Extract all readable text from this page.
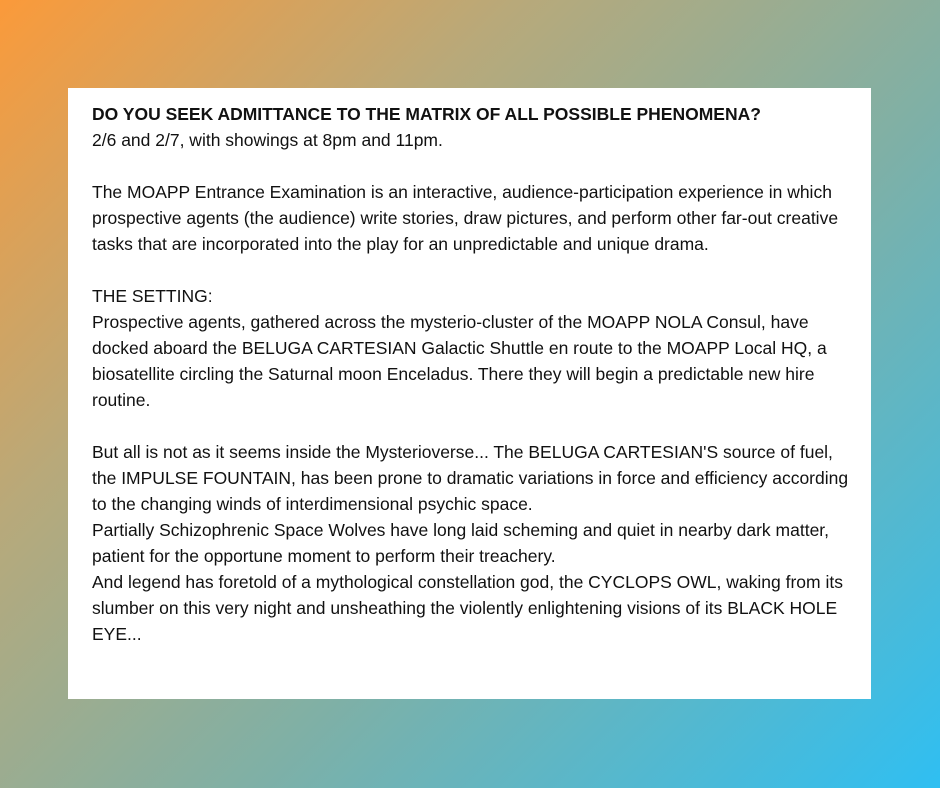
DO YOU SEEK ADMITTANCE TO THE MATRIX OF ALL POSSIBLE PHENOMENA?

2/6 and 2/7, with showings at 8pm and 11pm.

The MOAPP Entrance Examination is an interactive, audience-participation experience in which prospective agents (the audience) write stories, draw pictures, and perform other far-out creative tasks that are incorporated into the play for an unpredictable and unique drama.

THE SETTING:

Prospective agents, gathered across the mysterio-cluster of the MOAPP NOLA Consul, have docked aboard the BELUGA CARTESIAN Galactic Shuttle en route to the MOAPP Local HQ, a biosatellite circling the Saturnal moon Enceladus. There they will begin a predictable new hire routine.

But all is not as it seems inside the Mysterioverse... The BELUGA CARTESIAN'S source of fuel, the IMPULSE FOUNTAIN, has been prone to dramatic variations in force and efficiency according to the changing winds of interdimensional psychic space.

Partially Schizophrenic Space Wolves have long laid scheming and quiet in nearby dark matter, patient for the opportune moment to perform their treachery.

And legend has foretold of a mythological constellation god, the CYCLOPS OWL, waking from its slumber on this very night and unsheathing the violently enlightening visions of its BLACK HOLE EYE...
